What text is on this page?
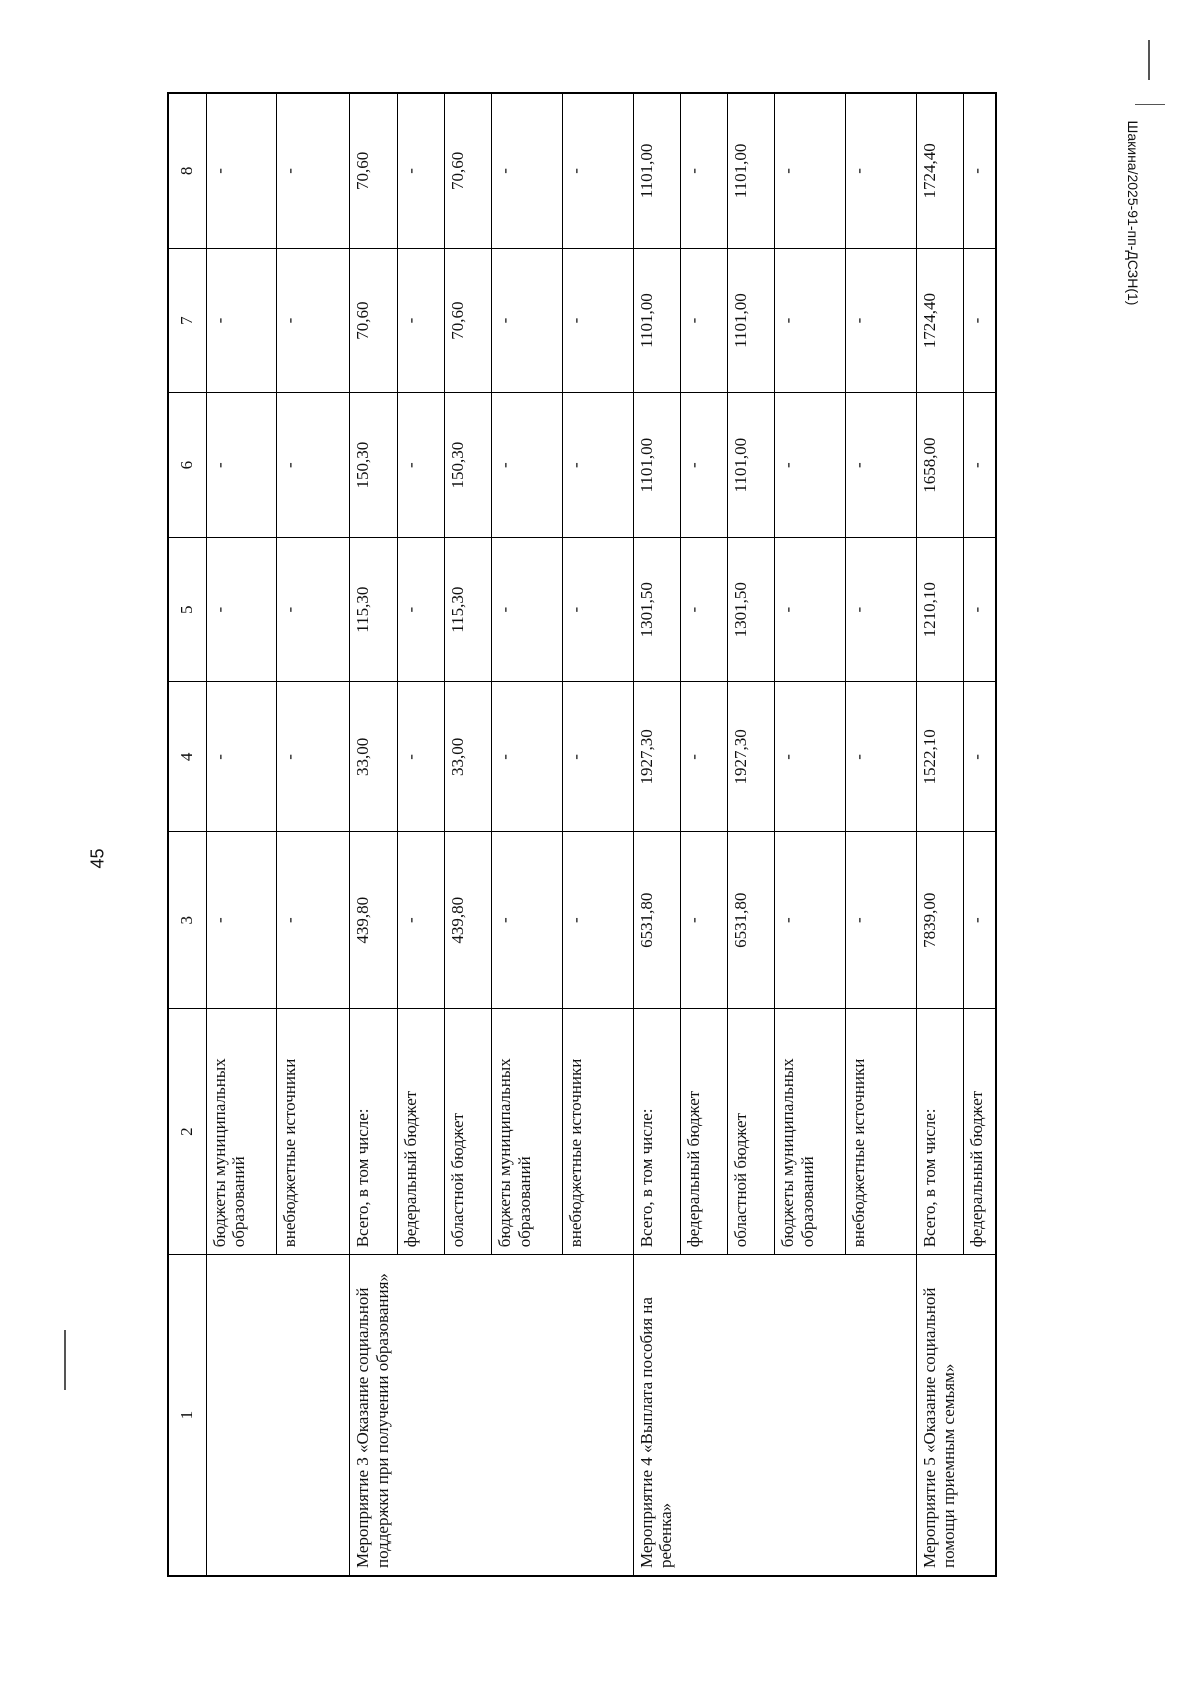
45
Шакина/2025-91-пп-ДСЗН(1)
1	2	3	4	5	6	7	8
	бюджеты муниципальных образований	-	-	-	-	-	-
	внебюджетные источники	-	-	-	-	-	-
Мероприятие 3 «Оказание социальной поддержки при получении образования»	Всего, в том числе:	439,80	33,00	115,30	150,30	70,60	70,60
	федеральный бюджет	-	-	-	-	-	-
	областной бюджет	439,80	33,00	115,30	150,30	70,60	70,60
	бюджеты муниципальных образований	-	-	-	-	-	-
	внебюджетные источники	-	-	-	-	-	-
Мероприятие 4 «Выплата пособия на ребенка»	Всего, в том числе:	6531,80	1927,30	1301,50	1101,00	1101,00	1101,00
	федеральный бюджет	-	-	-	-	-	-
	областной бюджет	6531,80	1927,30	1301,50	1101,00	1101,00	1101,00
	бюджеты муниципальных образований	-	-	-	-	-	-
	внебюджетные источники	-	-	-	-	-	-
Мероприятие 5 «Оказание социальной помощи приемным семьям»	Всего, в том числе:	7839,00	1522,10	1210,10	1658,00	1724,40	1724,40
	федеральный бюджет	-	-	-	-	-	-
